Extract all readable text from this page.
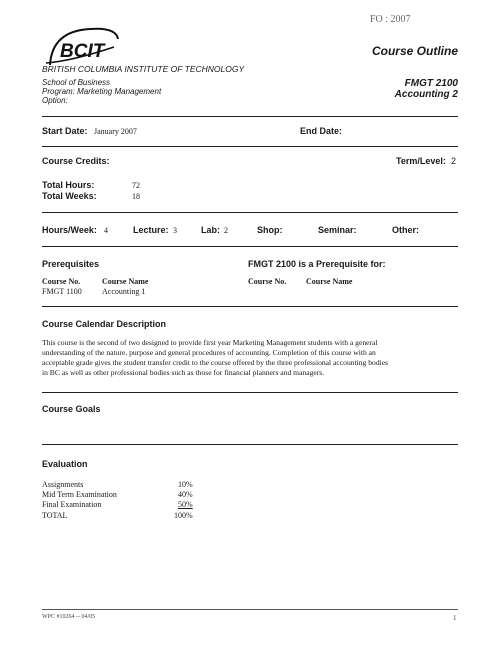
FO : 2007
BCIT
BRITISH COLUMBIA INSTITUTE OF TECHNOLOGY
School of Business
Program: Marketing Management
Option:
Course Outline
FMGT 2100
Accounting 2
Start Date: January 2007	End Date:
Course Credits:	Term/Level: 2
Total Hours:	72
Total Weeks:	18
Hours/Week: 4	Lecture: 3	Lab: 2	Shop:	Seminar:	Other:
Prerequisites	FMGT 2100 is a Prerequisite for:
Course No.	Course Name
FMGT 1100	Accounting 1
Course No. Course Name
Course Calendar Description
This course is the second of two designed to provide first year Marketing Management students with a general
understanding of the nature, purpose and general procedures of accounting. Completion of this course with an
acceptable grade gives the student transfer credit to the course offered by the three professional accounting bodies
in BC as well as other professional bodies such as those for financial planners and managers.
Course Goals
Evaluation
Assignments	10%
Mid Term Examination	40%
Final Examination	50%
TOTAL	100%
WPC #10264 -- 04/05	1
